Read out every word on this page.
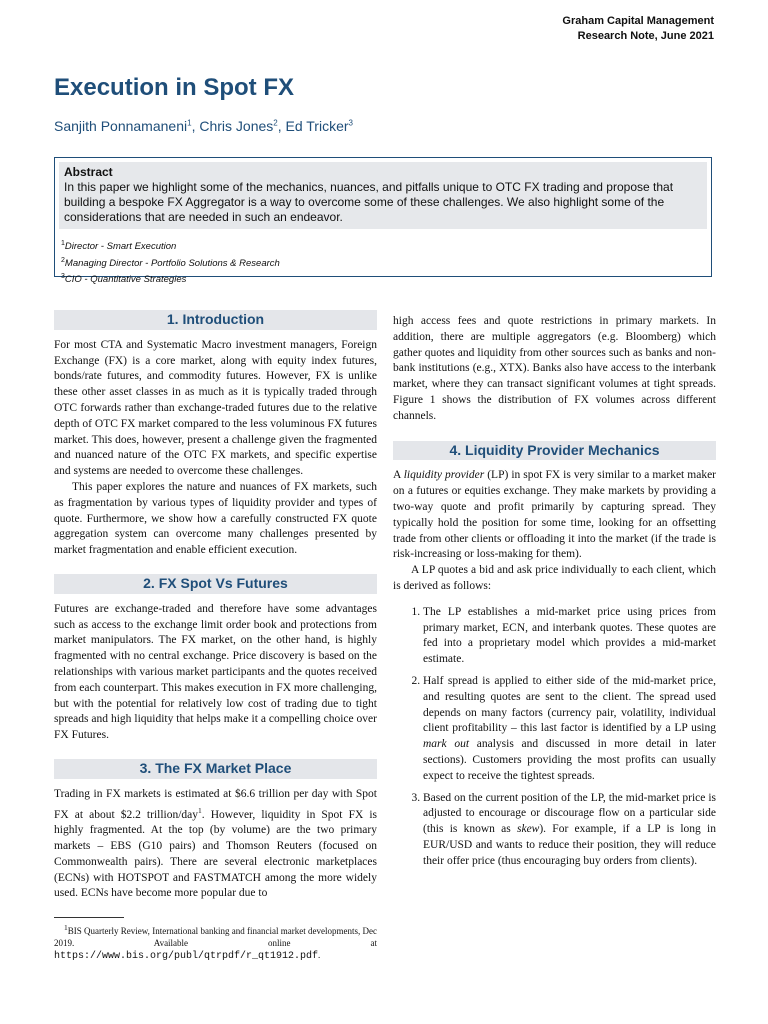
Graham Capital Management
Research Note, June 2021
Execution in Spot FX
Sanjith Ponnamaneni$^1$, Chris Jones$^2$, Ed Tricker$^3$
Abstract
In this paper we highlight some of the mechanics, nuances, and pitfalls unique to OTC FX trading and propose that building a bespoke FX Aggregator is a way to overcome some of these challenges. We also highlight some of the considerations that are needed in such an endeavor.
$^1$Director - Smart Execution
$^2$Managing Director - Portfolio Solutions & Research
$^3$CIO - Quantitative Strategies
1. Introduction

For most CTA and Systematic Macro investment managers, Foreign Exchange (FX) is a core market, along with equity index futures, bonds/rate futures, and commodity futures. However, FX is unlike these other asset classes in as much as it is typically traded through OTC forwards rather than exchange-traded futures due to the relative depth of OTC FX market compared to the less voluminous FX futures market. This does, however, present a challenge given the fragmented and nuanced nature of the OTC FX markets, and specific expertise and systems are needed to overcome these challenges.

This paper explores the nature and nuances of FX markets, such as fragmentation by various types of liquidity provider and types of quote. Furthermore, we show how a carefully constructed FX quote aggregation system can overcome many challenges presented by market fragmentation and enable efficient execution.

2. FX Spot Vs Futures

Futures are exchange-traded and therefore have some advantages such as access to the exchange limit order book and protections from market manipulators. The FX market, on the other hand, is highly fragmented with no central exchange. Price discovery is based on the relationships with various market participants and the quotes received from each counterpart. This makes execution in FX more challenging, but with the potential for relatively low cost of trading due to tight spreads and high liquidity that helps make it a compelling choice over FX Futures.

3. The FX Market Place

Trading in FX markets is estimated at $6.6 trillion per day with Spot FX at about $2.2 trillion/day$^1$. However, liquidity in Spot FX is highly fragmented. At the top (by volume) are the two primary markets – EBS (G10 pairs) and Thomson Reuters (focused on Commonwealth pairs). There are several electronic marketplaces (ECNs) with HOTSPOT and FASTMATCH among the more widely used. ECNs have become more popular due to

high access fees and quote restrictions in primary markets. In addition, there are multiple aggregators (e.g. Bloomberg) which gather quotes and liquidity from other sources such as banks and non-bank institutions (e.g., XTX). Banks also have access to the interbank market, where they can transact significant volumes at tight spreads. Figure 1 shows the distribution of FX volumes across different channels.

4. Liquidity Provider Mechanics

A liquidity provider (LP) in spot FX is very similar to a market maker on a futures or equities exchange. They make markets by providing a two-way quote and profit primarily by capturing spread. They typically hold the position for some time, looking for an offsetting trade from other clients or offloading it into the market (if the trade is risk-increasing or loss-making for them).

A LP quotes a bid and ask price individually to each client, which is derived as follows:

1. The LP establishes a mid-market price using prices from primary market, ECN, and interbank quotes. These quotes are fed into a proprietary model which provides a mid-market estimate.
2. Half spread is applied to either side of the mid-market price, and resulting quotes are sent to the client. The spread used depends on many factors (currency pair, volatility, individual client profitability – this last factor is identified by a LP using mark out analysis and discussed in more detail in later sections). Customers providing the most profits can usually expect to receive the tightest spreads.
3. Based on the current position of the LP, the mid-market price is adjusted to encourage or discourage flow on a particular side (this is known as skew). For example, if a LP is long in EUR/USD and wants to reduce their position, they will reduce their offer price (thus encouraging buy orders from clients).
$^1$BIS Quarterly Review, International banking and financial market developments, Dec 2019. Available online at https://www.bis.org/publ/qtrpdf/r_qt1912.pdf.
